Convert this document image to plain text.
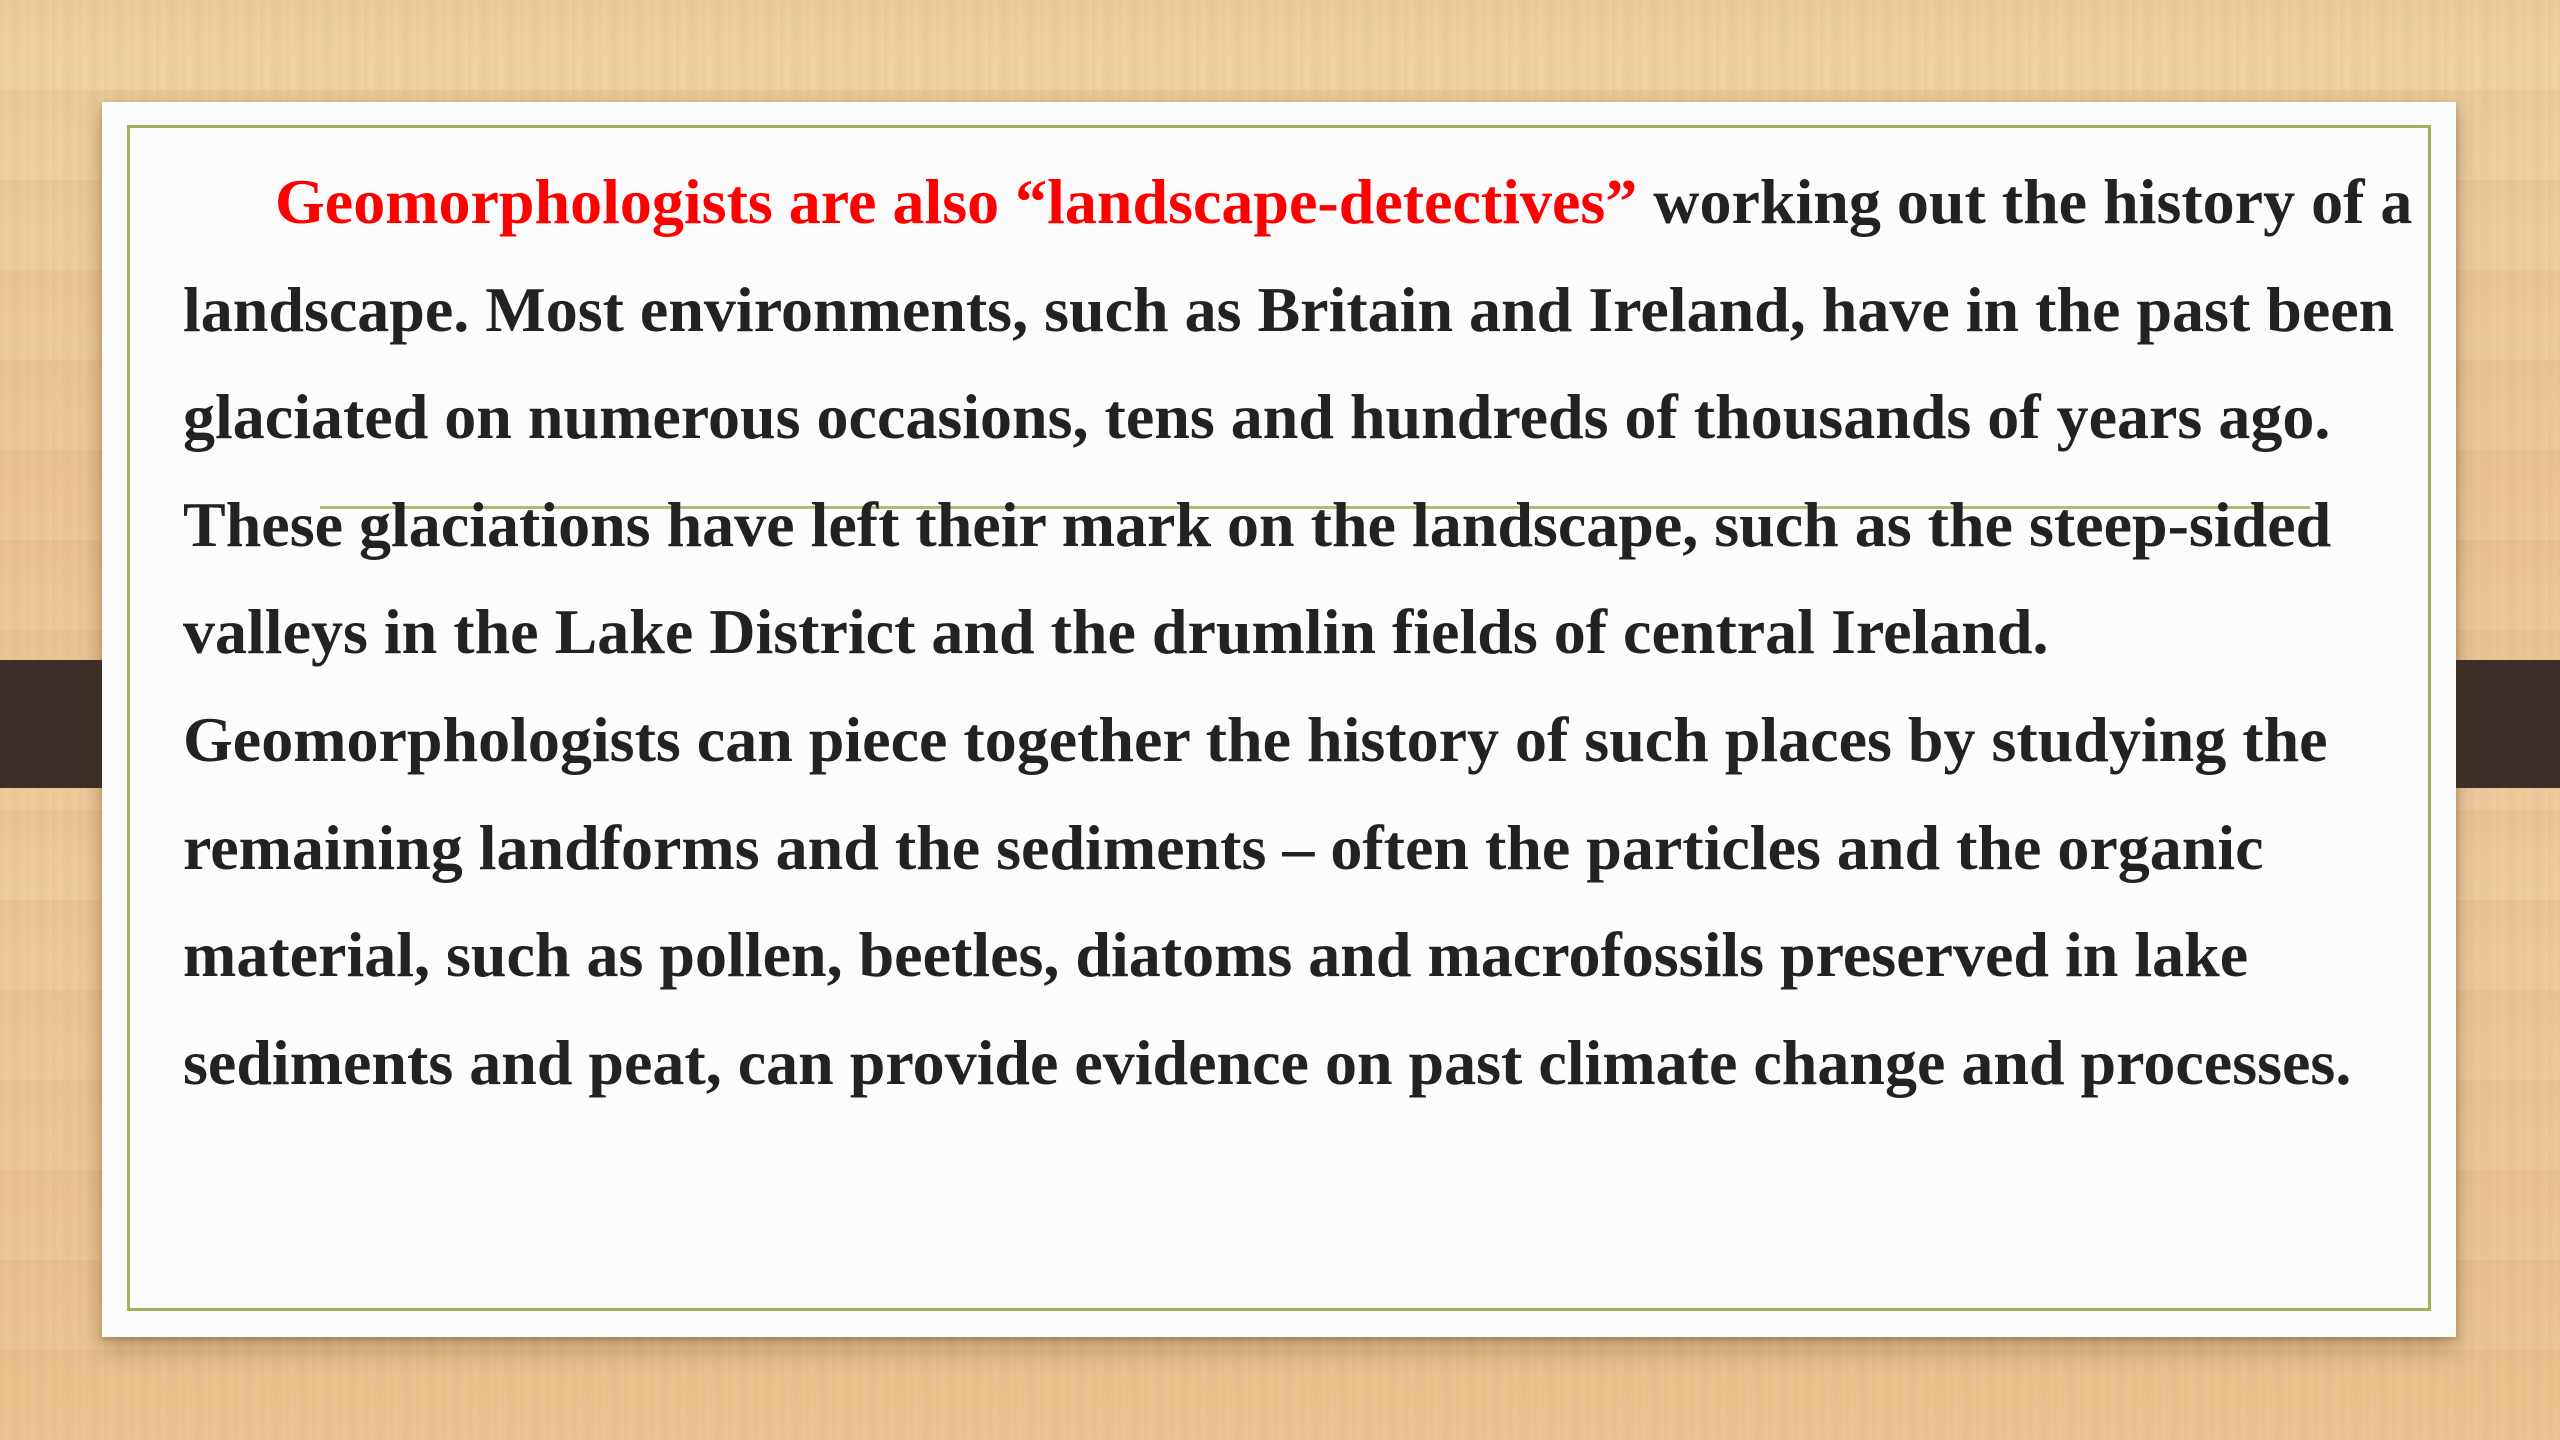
Geomorphologists are also “landscape-detectives” working out the history of a landscape. Most environments, such as Britain and Ireland, have in the past been glaciated on numerous occasions, tens and hundreds of thousands of years ago. These glaciations have left their mark on the landscape, such as the steep-sided valleys in the Lake District and the drumlin fields of central Ireland. Geomorphologists can piece together the history of such places by studying the remaining landforms and the sediments – often the particles and the organic material, such as pollen, beetles, diatoms and macrofossils preserved in lake sediments and peat, can provide evidence on past climate change and processes.
